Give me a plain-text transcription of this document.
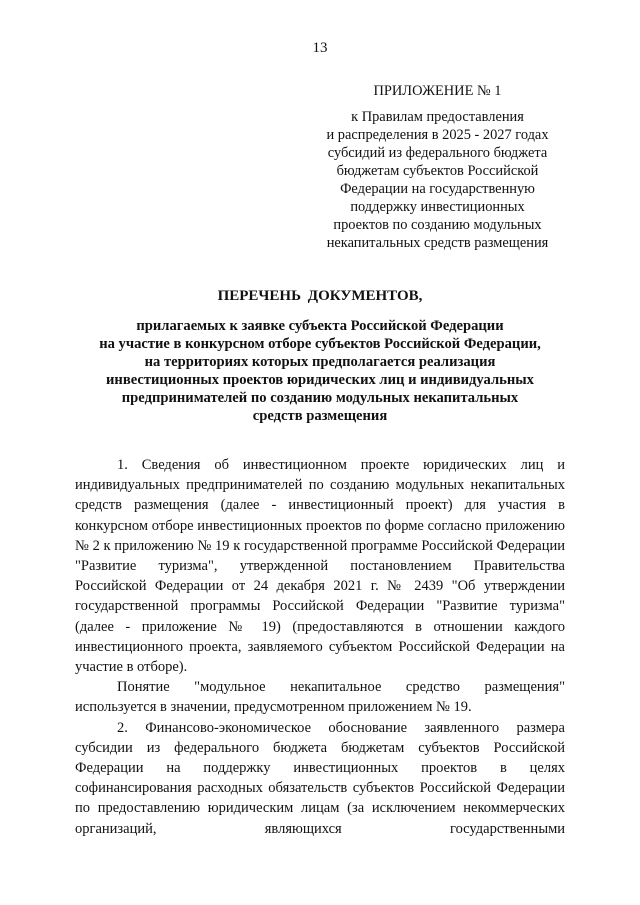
13
ПРИЛОЖЕНИЕ № 1
к Правилам предоставления
и распределения в 2025 - 2027 годах
субсидий из федерального бюджета
бюджетам субъектов Российской
Федерации на государственную
поддержку инвестиционных
проектов по созданию модульных
некапитальных средств размещения
ПЕРЕЧЕНЬ ДОКУМЕНТОВ,
прилагаемых к заявке субъекта Российской Федерации
на участие в конкурсном отборе субъектов Российской Федерации,
на территориях которых предполагается реализация
инвестиционных проектов юридических лиц и индивидуальных
предпринимателей по созданию модульных некапитальных
средств размещения

1. Сведения об инвестиционном проекте юридических лиц и индивидуальных предпринимателей по созданию модульных некапитальных средств размещения (далее - инвестиционный проект) для участия в конкурсном отборе инвестиционных проектов по форме согласно приложению № 2 к приложению № 19 к государственной программе Российской Федерации "Развитие туризма", утвержденной постановлением Правительства Российской Федерации от 24 декабря 2021 г. № 2439 "Об утверждении государственной программы Российской Федерации "Развитие туризма" (далее - приложение № 19) (предоставляются в отношении каждого инвестиционного проекта, заявляемого субъектом Российской Федерации на участие в отборе).

Понятие "модульное некапитальное средство размещения" используется в значении, предусмотренном приложением № 19.

2. Финансово-экономическое обоснование заявленного размера субсидии из федерального бюджета бюджетам субъектов Российской Федерации на поддержку инвестиционных проектов в целях софинансирования расходных обязательств субъектов Российской Федерации по предоставлению юридическим лицам (за исключением некоммерческих организаций, являющихся государственными
